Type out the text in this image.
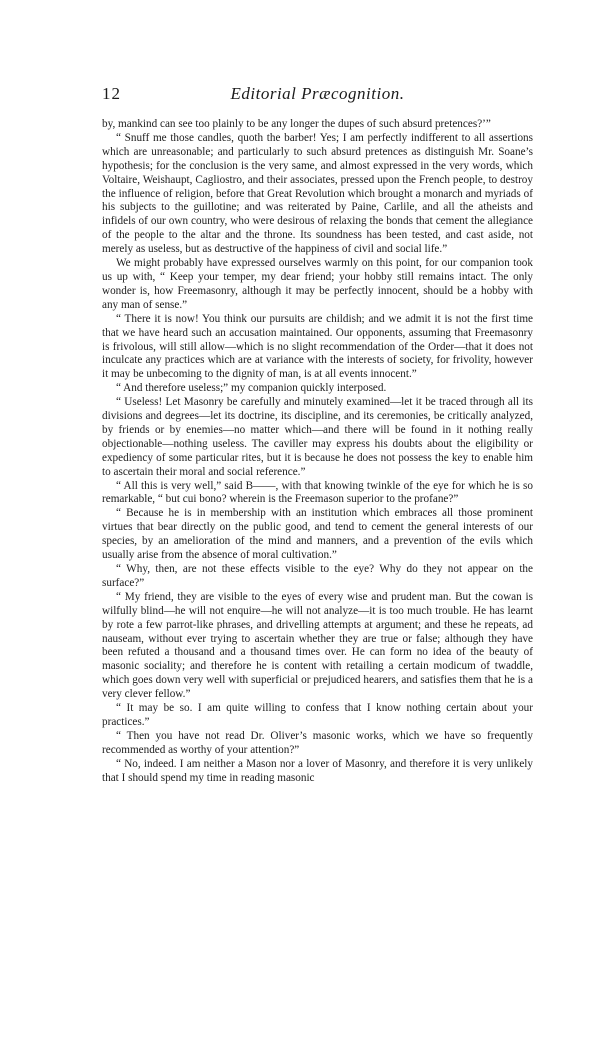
12	Editorial Præcognition.

by, mankind can see too plainly to be any longer the dupes of such absurd pretences?’”

“ Snuff me those candles, quoth the barber! Yes; I am perfectly indifferent to all assertions which are unreasonable; and particularly to such absurd pretences as distinguish Mr. Soane’s hypothesis; for the conclusion is the very same, and almost expressed in the very words, which Voltaire, Weishaupt, Cagliostro, and their associates, pressed upon the French people, to destroy the influence of religion, before that Great Revolution which brought a monarch and myriads of his subjects to the guillotine; and was reiterated by Paine, Carlile, and all the atheists and infidels of our own country, who were desirous of relaxing the bonds that cement the allegiance of the people to the altar and the throne. Its soundness has been tested, and cast aside, not merely as useless, but as destructive of the happiness of civil and social life.”

We might probably have expressed ourselves warmly on this point, for our companion took us up with, “ Keep your temper, my dear friend; your hobby still remains intact. The only wonder is, how Freemasonry, although it may be perfectly innocent, should be a hobby with any man of sense.”

“ There it is now! You think our pursuits are childish; and we admit it is not the first time that we have heard such an accusation maintained. Our opponents, assuming that Freemasonry is frivolous, will still allow—which is no slight recommendation of the Order—that it does not inculcate any practices which are at variance with the interests of society, for frivolity, however it may be unbecoming to the dignity of man, is at all events innocent.”

“ And therefore useless;” my companion quickly interposed.

“ Useless! Let Masonry be carefully and minutely examined—let it be traced through all its divisions and degrees—let its doctrine, its discipline, and its ceremonies, be critically analyzed, by friends or by enemies—no matter which—and there will be found in it nothing really objectionable—nothing useless. The caviller may express his doubts about the eligibility or expediency of some particular rites, but it is because he does not possess the key to enable him to ascertain their moral and social reference.”

“ All this is very well,” said B——, with that knowing twinkle of the eye for which he is so remarkable, “ but cui bono? wherein is the Freemason superior to the profane?”

“ Because he is in membership with an institution which embraces all those prominent virtues that bear directly on the public good, and tend to cement the general interests of our species, by an amelioration of the mind and manners, and a prevention of the evils which usually arise from the absence of moral cultivation.”

“ Why, then, are not these effects visible to the eye? Why do they not appear on the surface?”

“ My friend, they are visible to the eyes of every wise and prudent man. But the cowan is wilfully blind—he will not enquire—he will not analyze—it is too much trouble. He has learnt by rote a few parrot-like phrases, and drivelling attempts at argument; and these he repeats, ad nauseam, without ever trying to ascertain whether they are true or false; although they have been refuted a thousand and a thousand times over. He can form no idea of the beauty of masonic sociality; and therefore he is content with retailing a certain modicum of twaddle, which goes down very well with superficial or prejudiced hearers, and satisfies them that he is a very clever fellow.”

“ It may be so. I am quite willing to confess that I know nothing certain about your practices.”

“ Then you have not read Dr. Oliver’s masonic works, which we have so frequently recommended as worthy of your attention?”

“ No, indeed. I am neither a Mason nor a lover of Masonry, and therefore it is very unlikely that I should spend my time in reading masonic
